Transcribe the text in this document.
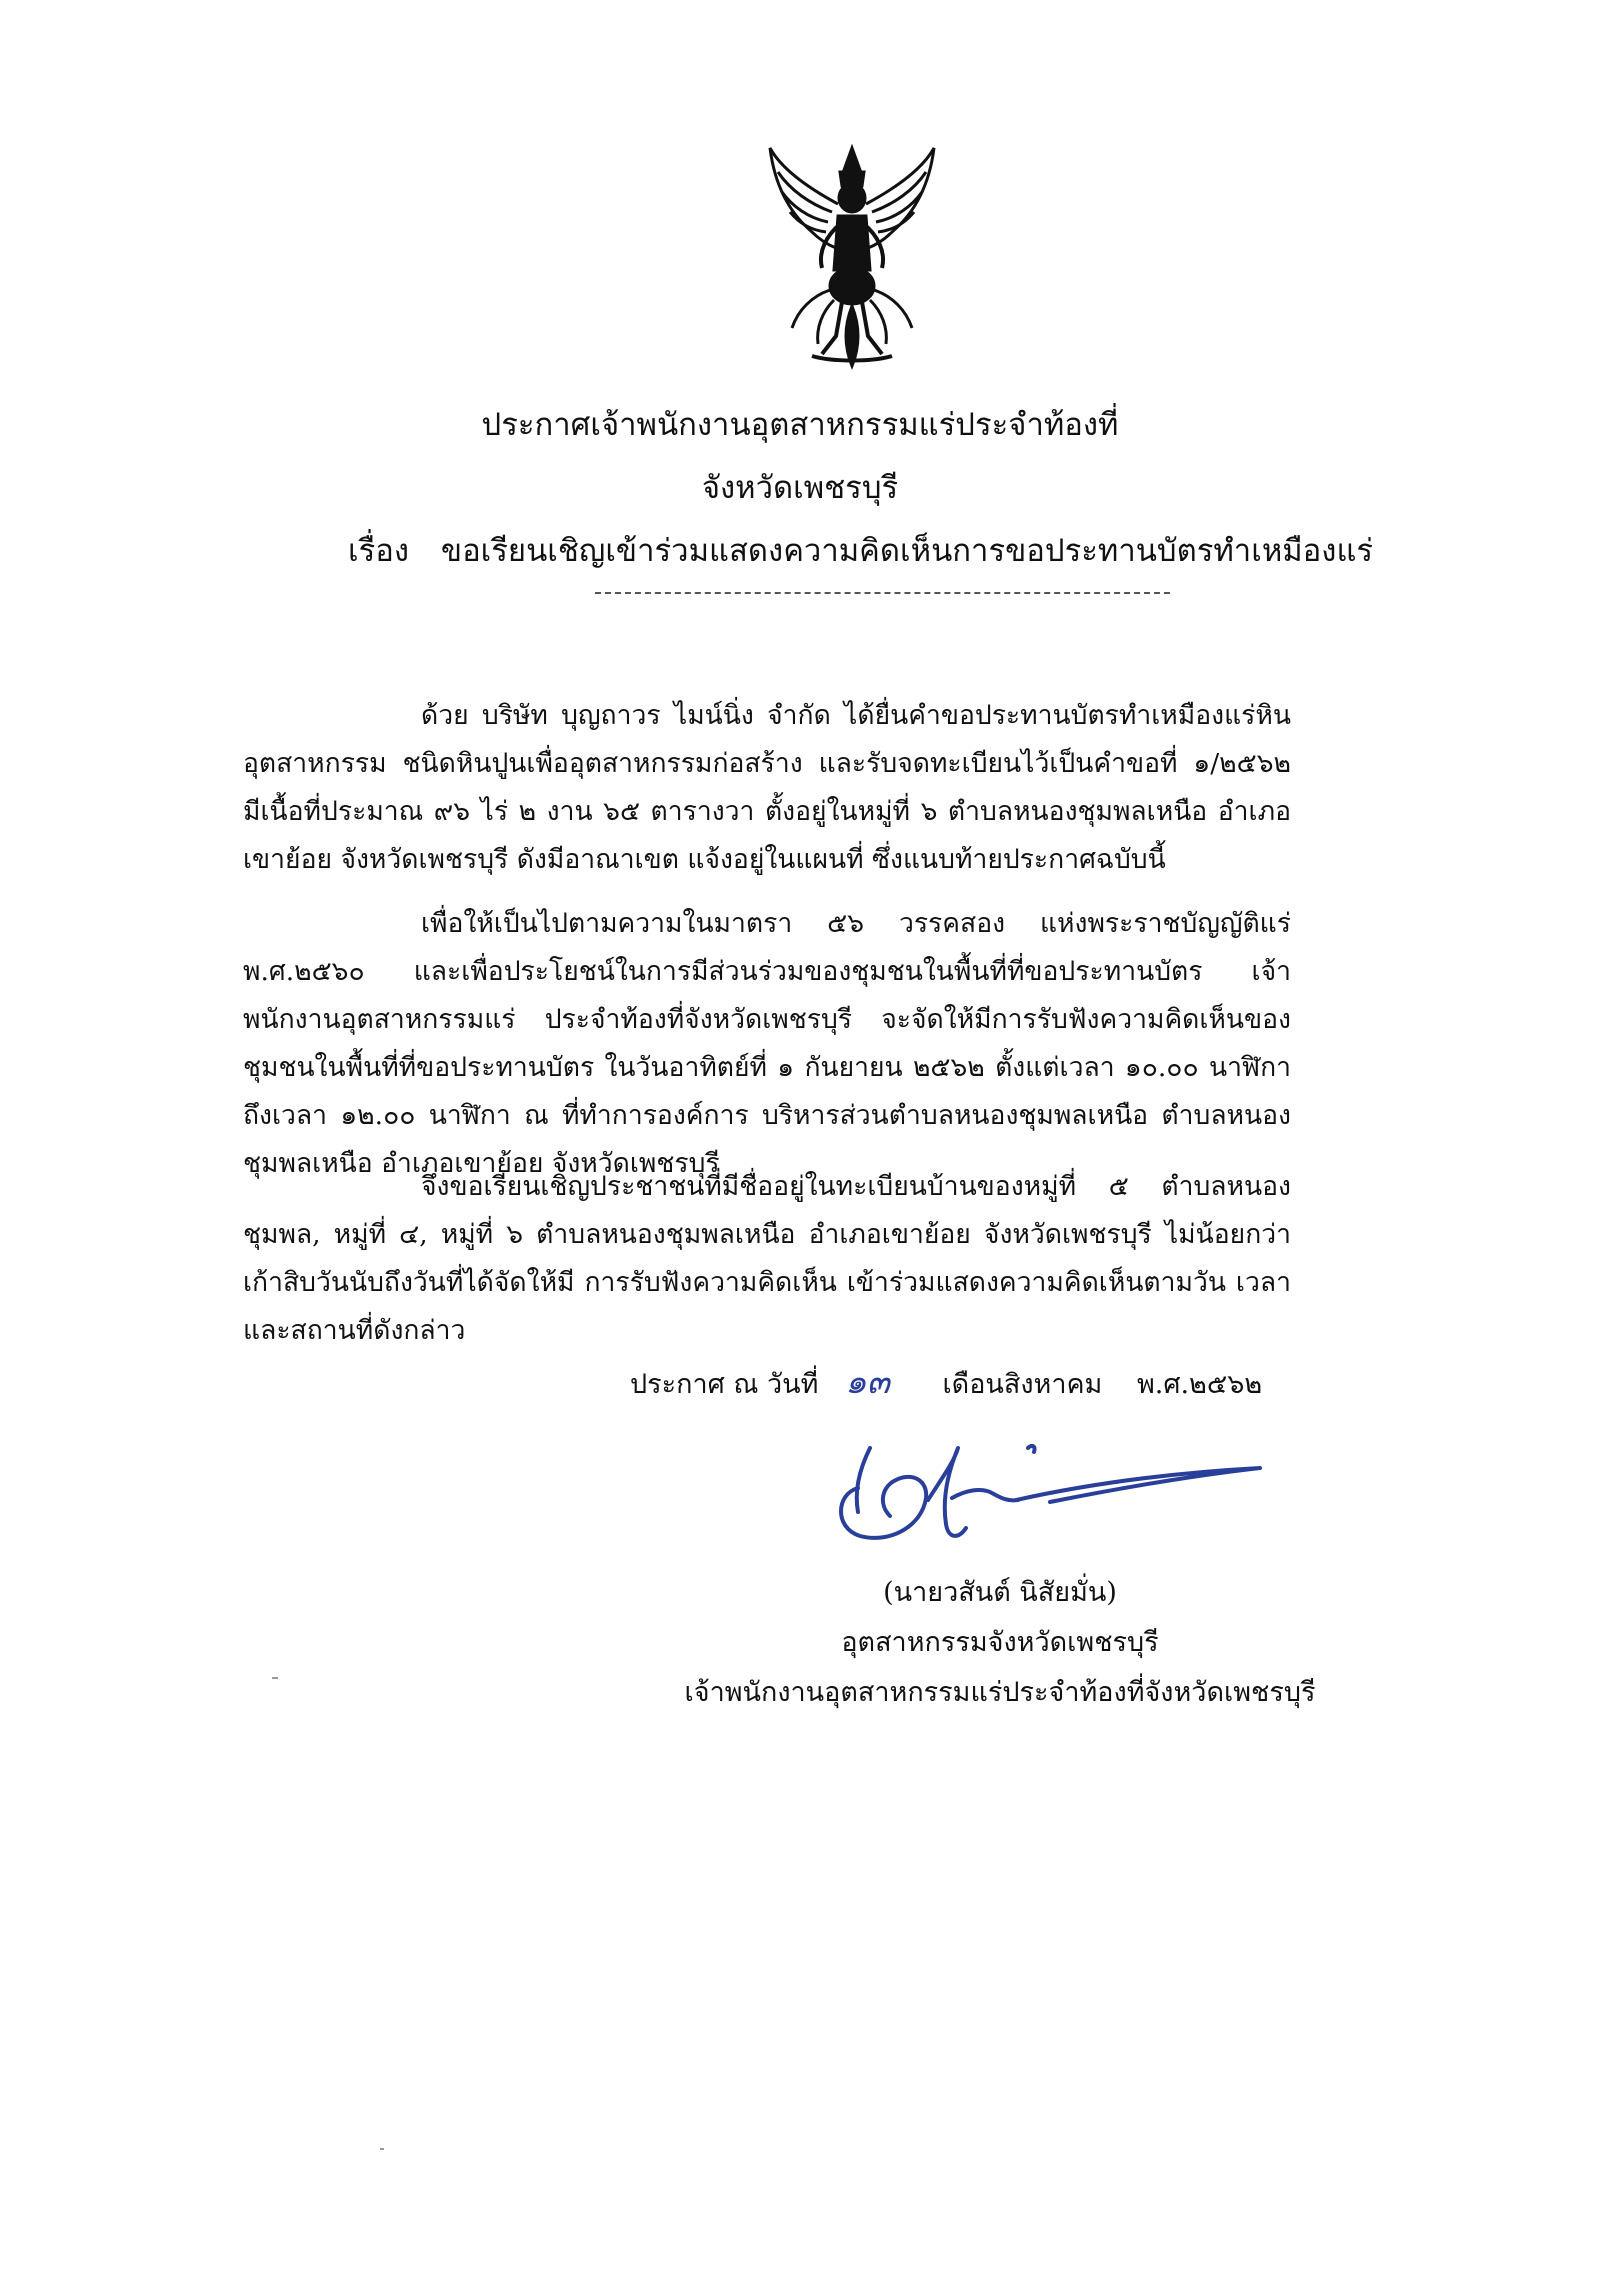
ประกาศเจ้าพนักงานอุตสาหกรรมแร่ประจำท้องที่
จังหวัดเพชรบุรี
เรื่อง ขอเรียนเชิญเข้าร่วมแสดงความคิดเห็นการขอประทานบัตรทำเหมืองแร่
ด้วย บริษัท บุญถาวร ไมน์นิ่ง จำกัด ได้ยื่นคำขอประทานบัตรทำเหมืองแร่หินอุตสาหกรรม ชนิดหินปูนเพื่ออุตสาหกรรมก่อสร้าง และรับจดทะเบียนไว้เป็นคำขอที่ ๑/๒๕๖๒ มีเนื้อที่ประมาณ ๙๖ ไร่ ๒ งาน ๖๕ ตารางวา ตั้งอยู่ในหมู่ที่ ๖ ตำบลหนองชุมพลเหนือ อำเภอเขาย้อย จังหวัดเพชรบุรี ดังมีอาณาเขต แจ้งอยู่ในแผนที่ ซึ่งแนบท้ายประกาศฉบับนี้
เพื่อให้เป็นไปตามความในมาตรา ๕๖ วรรคสอง แห่งพระราชบัญญัติแร่ พ.ศ.๒๕๖๐ และเพื่อประโยชน์ในการมีส่วนร่วมของชุมชนในพื้นที่ที่ขอประทานบัตร เจ้าพนักงานอุตสาหกรรมแร่ ประจำท้องที่จังหวัดเพชรบุรี จะจัดให้มีการรับฟังความคิดเห็นของชุมชนในพื้นที่ที่ขอประทานบัตร ในวันอาทิตย์ที่ ๑ กันยายน ๒๕๖๒ ตั้งแต่เวลา ๑๐.๐๐ นาฬิกา ถึงเวลา ๑๒.๐๐ นาฬิกา ณ ที่ทำการองค์การ บริหารส่วนตำบลหนองชุมพลเหนือ ตำบลหนองชุมพลเหนือ อำเภอเขาย้อย จังหวัดเพชรบุรี
จึงขอเรียนเชิญประชาชนที่มีชื่ออยู่ในทะเบียนบ้านของหมู่ที่ ๕ ตำบลหนองชุมพล, หมู่ที่ ๔, หมู่ที่ ๖ ตำบลหนองชุมพลเหนือ อำเภอเขาย้อย จังหวัดเพชรบุรี ไม่น้อยกว่าเก้าสิบวันนับถึงวันที่ได้จัดให้มี การรับฟังความคิดเห็น เข้าร่วมแสดงความคิดเห็นตามวัน เวลา และสถานที่ดังกล่าว
ประกาศ ณ วันที่ ๑๓ เดือนสิงหาคม พ.ศ.๒๕๖๒
(นายวสันต์ นิสัยมั่น)
อุตสาหกรรมจังหวัดเพชรบุรี
เจ้าพนักงานอุตสาหกรรมแร่ประจำท้องที่จังหวัดเพชรบุรี
